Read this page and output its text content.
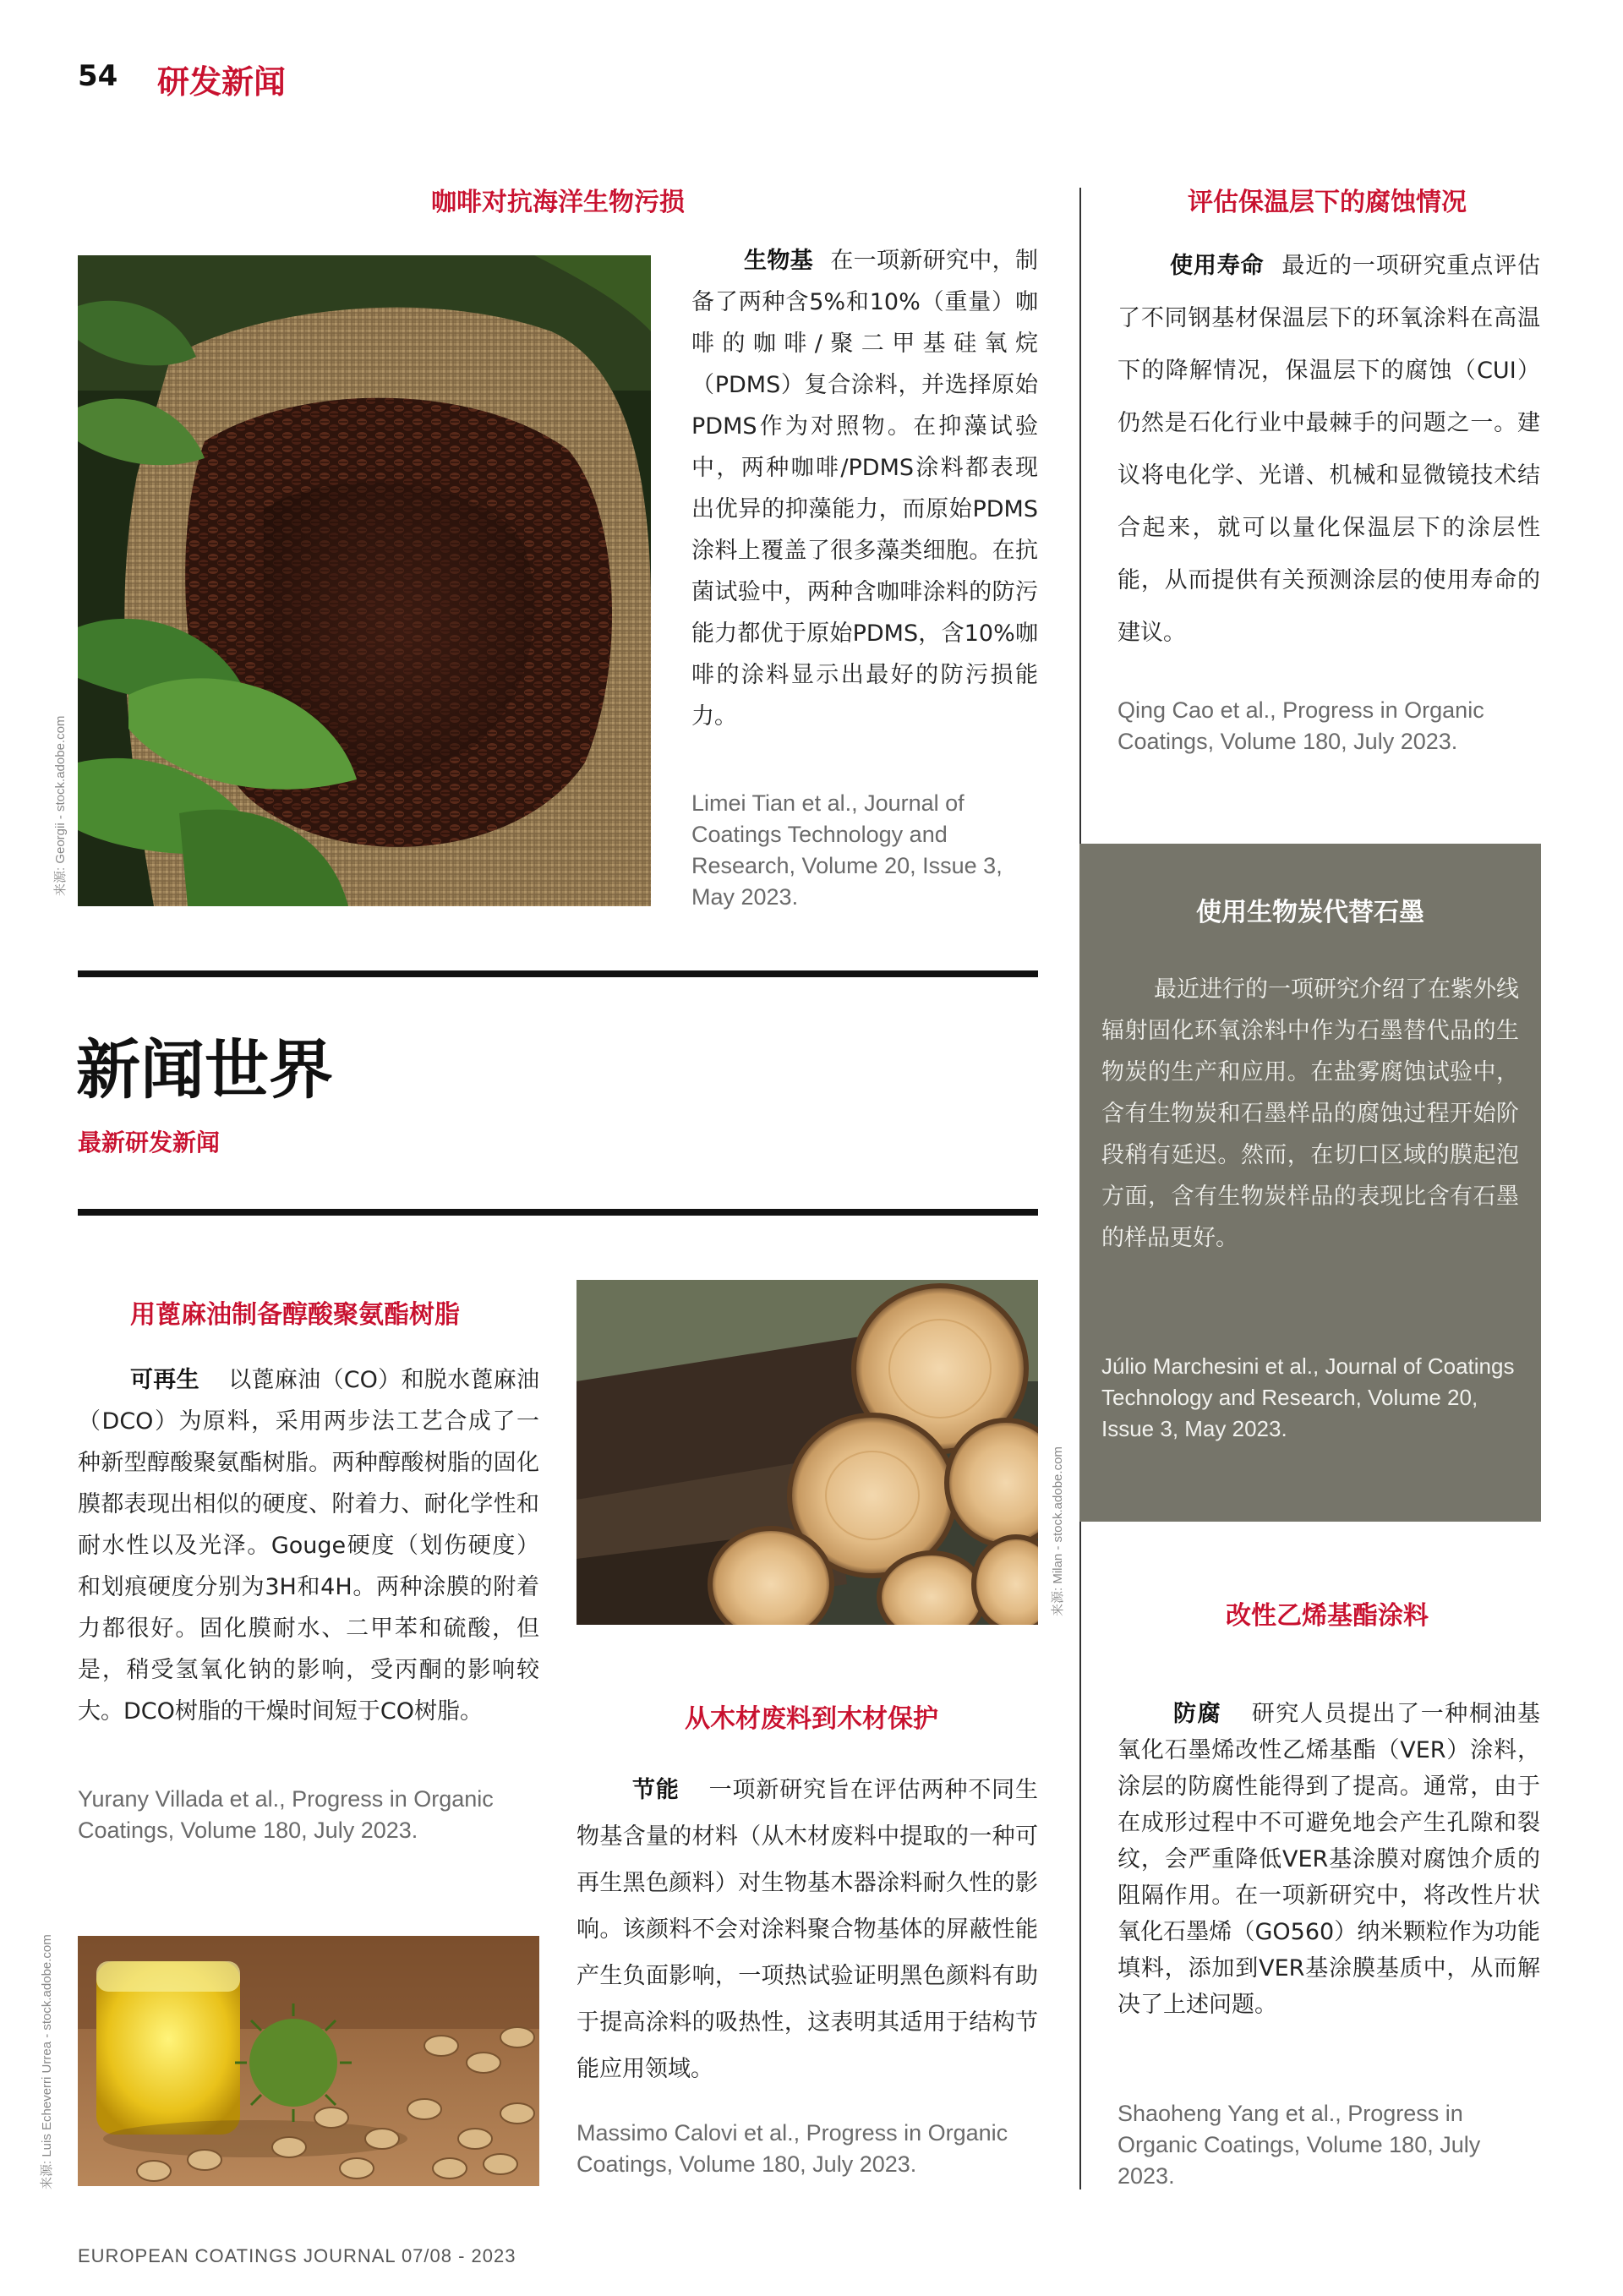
54 研发新闻
咖啡对抗海洋生物污损
来源: Georgii - stock.adobe.com
生物基 在一项新研究中，制备了两种含5%和10%（重量）咖啡的咖啡/聚二甲基硅氧烷（PDMS）复合涂料，并选择原始PDMS作为对照物。在抑藻试验中，两种咖啡/PDMS涂料都表现出优异的抑藻能力，而原始PDMS涂料上覆盖了很多藻类细胞。在抗菌试验中，两种含咖啡涂料的防污能力都优于原始PDMS，含10%咖啡的涂料显示出最好的防污损能力。
Limei Tian et al., Journal of Coatings Technology and Research, Volume 20, Issue 3, May 2023.
评估保温层下的腐蚀情况
使用寿命 最近的一项研究重点评估了不同钢基材保温层下的环氧涂料在高温下的降解情况，保温层下的腐蚀（CUI）仍然是石化行业中最棘手的问题之一。建议将电化学、光谱、机械和显微镜技术结合起来，就可以量化保温层下的涂层性能，从而提供有关预测涂层的使用寿命的建议。
Qing Cao et al., Progress in Organic Coatings, Volume 180, July 2023.
使用生物炭代替石墨
最近进行的一项研究介绍了在紫外线辐射固化环氧涂料中作为石墨替代品的生物炭的生产和应用。在盐雾腐蚀试验中，含有生物炭和石墨样品的腐蚀过程开始阶段稍有延迟。然而，在切口区域的膜起泡方面，含有生物炭样品的表现比含有石墨的样品更好。
Júlio Marchesini et al., Journal of Coatings Technology and Research, Volume 20, Issue 3, May 2023.
新闻世界
最新研发新闻
用蓖麻油制备醇酸聚氨酯树脂
可再生 以蓖麻油（CO）和脱水蓖麻油（DCO）为原料，采用两步法工艺合成了一种新型醇酸聚氨酯树脂。两种醇酸树脂的固化膜都表现出相似的硬度、附着力、耐化学性和耐水性以及光泽。Gouge硬度（划伤硬度）和划痕硬度分别为3H和4H。两种涂膜的附着力都很好。固化膜耐水、二甲苯和硫酸，但是，稍受氢氧化钠的影响，受丙酮的影响较大。DCO树脂的干燥时间短于CO树脂。
Yurany Villada et al., Progress in Organic Coatings, Volume 180, July 2023.
来源: Luis Echeverri Urrea - stock.adobe.com
来源: Milan - stock.adobe.com
从木材废料到木材保护
节能 一项新研究旨在评估两种不同生物基含量的材料（从木材废料中提取的一种可再生黑色颜料）对生物基木器涂料耐久性的影响。该颜料不会对涂料聚合物基体的屏蔽性能产生负面影响，一项热试验证明黑色颜料有助于提高涂料的吸热性，这表明其适用于结构节能应用领域。
Massimo Calovi et al., Progress in Organic Coatings, Volume 180, July 2023.
改性乙烯基酯涂料
防腐 研究人员提出了一种桐油基氧化石墨烯改性乙烯基酯（VER）涂料，涂层的防腐性能得到了提高。通常，由于在成形过程中不可避免地会产生孔隙和裂纹，会严重降低VER基涂膜对腐蚀介质的阻隔作用。在一项新研究中，将改性片状氧化石墨烯（GO560）纳米颗粒作为功能填料，添加到VER基涂膜基质中，从而解决了上述问题。
Shaoheng Yang et al., Progress in Organic Coatings, Volume 180, July 2023.
EUROPEAN COATINGS JOURNAL 07/08 - 2023
